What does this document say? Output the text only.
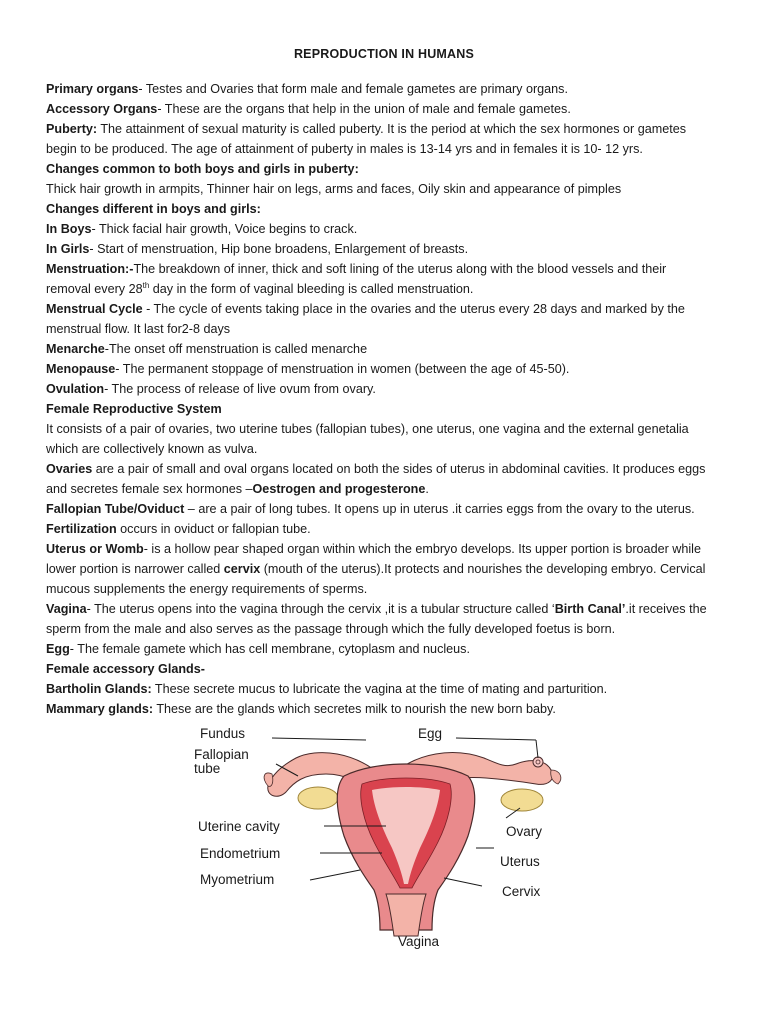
REPRODUCTION IN HUMANS
Primary organs- Testes and Ovaries that form male and female gametes are primary organs.
Accessory Organs- These are the organs that help in the union of male and female gametes.
Puberty: The attainment of sexual maturity is called puberty. It is the period at which the sex hormones or gametes
begin to be produced. The age of attainment of puberty in males is 13-14 yrs and in females it is 10- 12 yrs.
Changes common to both boys and girls in puberty:
Thick hair growth in armpits, Thinner hair on legs, arms and faces, Oily skin and appearance of pimples
Changes different in boys and girls:
In Boys- Thick facial hair growth, Voice begins to crack.
In Girls- Start of menstruation, Hip bone broadens, Enlargement of breasts.
Menstruation:-The breakdown of inner, thick and soft lining of the uterus along with the blood vessels and their
removal every 28th day in the form of vaginal bleeding is called menstruation.
Menstrual Cycle - The cycle of events taking place in the ovaries and the uterus every 28 days and marked by the
menstrual flow. It last for2-8 days
Menarche-The onset off menstruation is called menarche
Menopause- The permanent stoppage of menstruation in women (between the age of 45-50).
Ovulation- The process of release of live ovum from ovary.
Female Reproductive System
It consists of a pair of ovaries, two uterine tubes (fallopian tubes), one uterus, one vagina and the external genetalia
which are collectively known as vulva.
Ovaries are a pair of small and oval organs located on both the sides of uterus in abdominal cavities. It produces eggs
and secretes female sex hormones –Oestrogen and progesterone.
Fallopian Tube/Oviduct – are a pair of long tubes. It opens up in uterus .it carries eggs from the ovary to the uterus.
Fertilization occurs in oviduct or fallopian tube.
Uterus or Womb- is a hollow pear shaped organ within which the embryo develops. Its upper portion is broader while
lower portion is narrower called cervix (mouth of the uterus).It protects and nourishes the developing embryo. Cervical
mucous supplements the energy requirements of sperms.
Vagina- The uterus opens into the vagina through the cervix ,it is a tubular structure called ‘Birth Canal’.it receives the
sperm from the male and also serves as the passage through which the fully developed foetus is born.
Egg- The female gamete which has cell membrane, cytoplasm and nucleus.
Female accessory Glands-
Bartholin Glands: These secrete mucus to lubricate the vagina at the time of mating and parturition.
Mammary glands: These are the glands which secretes milk to nourish the new born baby.
Fundus	Egg
Fallopian
tube
Uterine cavity
Endometrium
Myometrium
Ovary
Uterus
Cervix
Vagina
